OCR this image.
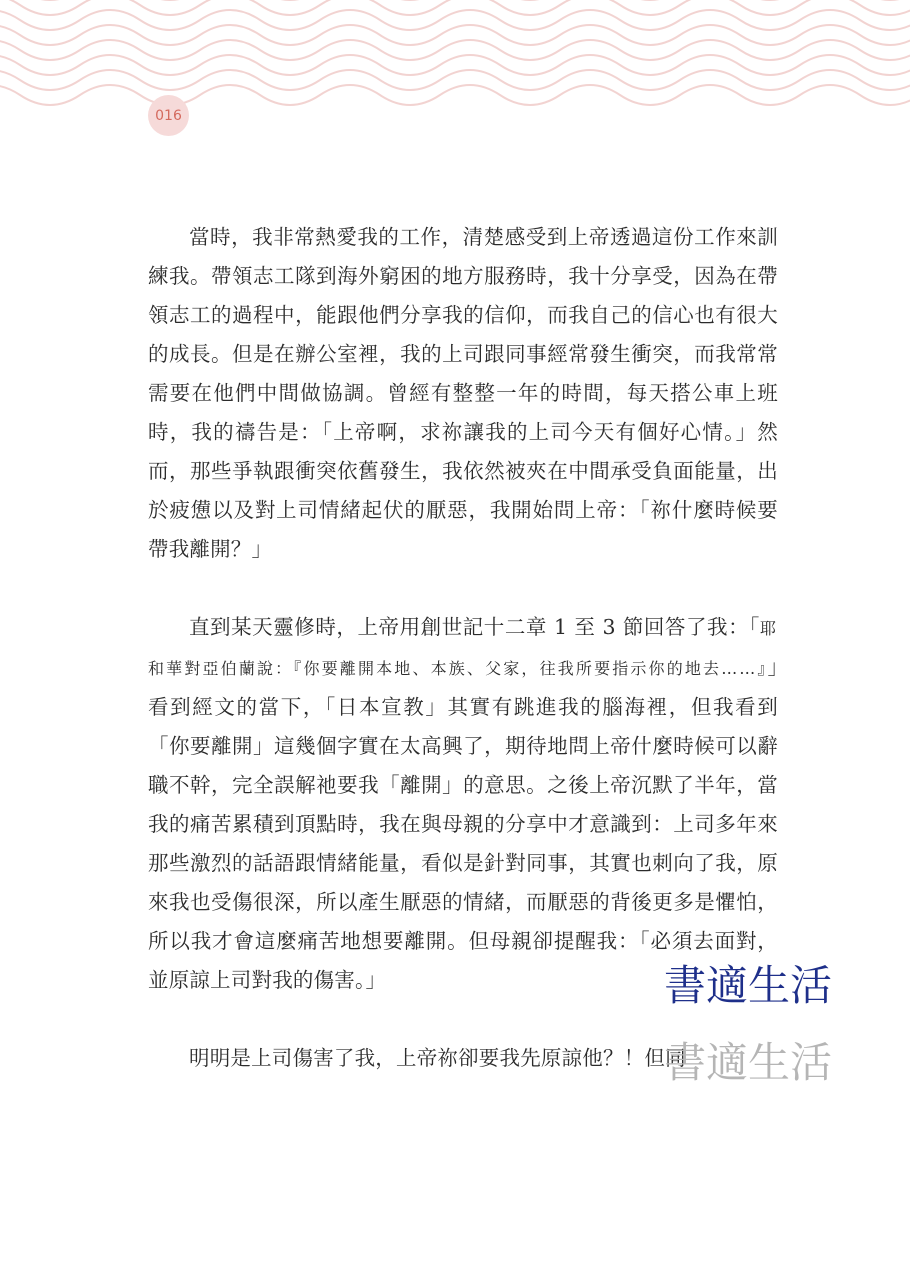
016

當時，我非常熱愛我的工作，清楚感受到上帝透過這份工作來訓練我。帶領志工隊到海外窮困的地方服務時，我十分享受，因為在帶領志工的過程中，能跟他們分享我的信仰，而我自己的信心也有很大的成長。但是在辦公室裡，我的上司跟同事經常發生衝突，而我常常需要在他們中間做協調。曾經有整整一年的時間，每天搭公車上班時，我的禱告是：「上帝啊，求祢讓我的上司今天有個好心情。」然而，那些爭執跟衝突依舊發生，我依然被夾在中間承受負面能量，出於疲憊以及對上司情緒起伏的厭惡，我開始問上帝：「祢什麼時候要帶我離開？」

直到某天靈修時，上帝用創世記十二章 1 至 3 節回答了我：「耶和華對亞伯蘭說：『你要離開本地、本族、父家，往我所要指示你的地去……』」看到經文的當下，「日本宣教」其實有跳進我的腦海裡，但我看到「你要離開」這幾個字實在太高興了，期待地問上帝什麼時候可以辭職不幹，完全誤解祂要我「離開」的意思。之後上帝沉默了半年，當我的痛苦累積到頂點時，我在與母親的分享中才意識到：上司多年來那些激烈的話語跟情緒能量，看似是針對同事，其實也刺向了我，原來我也受傷很深，所以產生厭惡的情緒，而厭惡的背後更多是懼怕，所以我才會這麼痛苦地想要離開。但母親卻提醒我：「必須去面對，並原諒上司對我的傷害。」

明明是上司傷害了我，上帝祢卻要我先原諒他？！但同

書適生活
書適生活
